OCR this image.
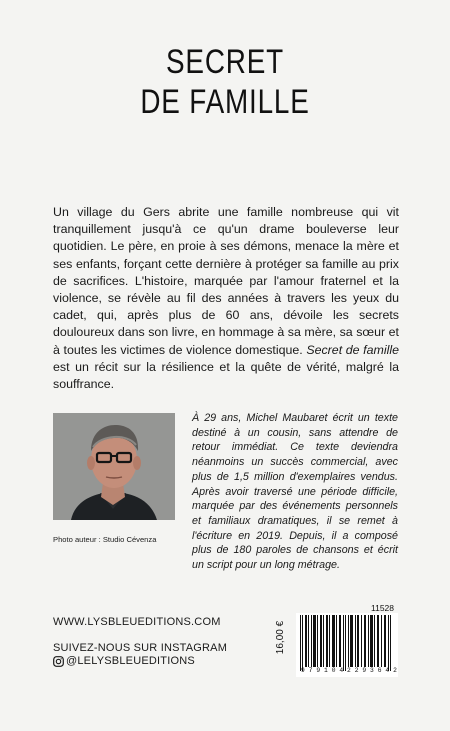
SECRET
DE FAMILLE
Un village du Gers abrite une famille nombreuse qui vit tranquillement jusqu'à ce qu'un drame bouleverse leur quotidien. Le père, en proie à ses démons, menace la mère et ses enfants, forçant cette dernière à protéger sa famille au prix de sacrifices. L'histoire, marquée par l'amour fraternel et la violence, se révèle au fil des années à travers les yeux du cadet, qui, après plus de 60 ans, dévoile les secrets douloureux dans son livre, en hommage à sa mère, sa sœur et à toutes les victimes de violence domestique. Secret de famille est un récit sur la résilience et la quête de vérité, malgré la souffrance.
À 29 ans, Michel Maubaret écrit un texte destiné à un cousin, sans attendre de retour immédiat. Ce texte deviendra néanmoins un succès commercial, avec plus de 1,5 million d'exemplaires vendus. Après avoir traversé une période difficile, marquée par des événements personnels et familiaux dramatiques, il se remet à l'écriture en 2019. Depuis, il a composé plus de 180 paroles de chansons et écrit un script pour un long métrage.
Photo auteur : Studio Cévenza
WWW.LYSBLEUEDITIONS.COM
SUIVEZ-NOUS SUR INSTAGRAM
@LELYSBLEUEDITIONS
11528
16,00 €
9 7 9 1 0 4 2 2 9 3 6 4 2
